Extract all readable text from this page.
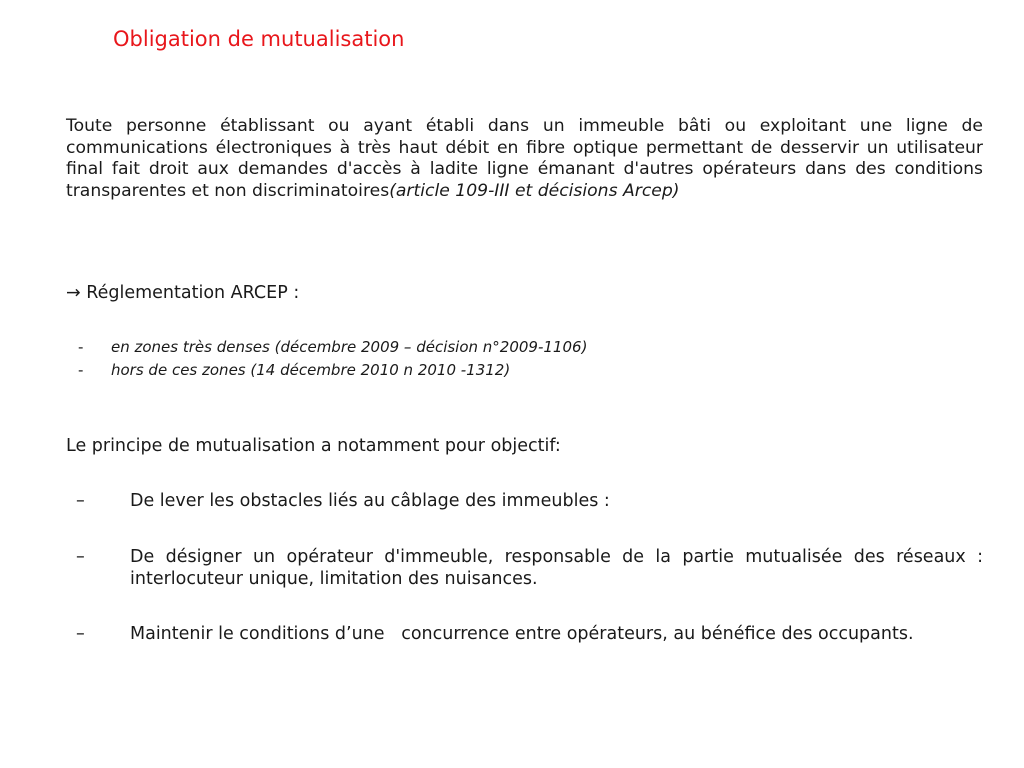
Obligation de mutualisation
Toute personne établissant ou ayant établi dans un immeuble bâti ou exploitant une ligne de communications électroniques à très haut débit en fibre optique permettant de desservir un utilisateur final fait droit aux demandes d'accès à ladite ligne émanant d'autres opérateurs dans des conditions transparentes et non discriminatoires(article 109-III et décisions Arcep)
→ Réglementation ARCEP :
- en zones très denses (décembre 2009 – décision n°2009-1106)
- hors de ces zones (14 décembre 2010 n 2010 -1312)
Le principe de mutualisation a notamment pour objectif:
–	De lever les obstacles liés au câblage des immeubles :
–	De désigner un opérateur d'immeuble, responsable de la partie mutualisée des réseaux : interlocuteur unique, limitation des nuisances.
–	Maintenir le conditions d’une   concurrence entre opérateurs, au bénéfice des occupants.
